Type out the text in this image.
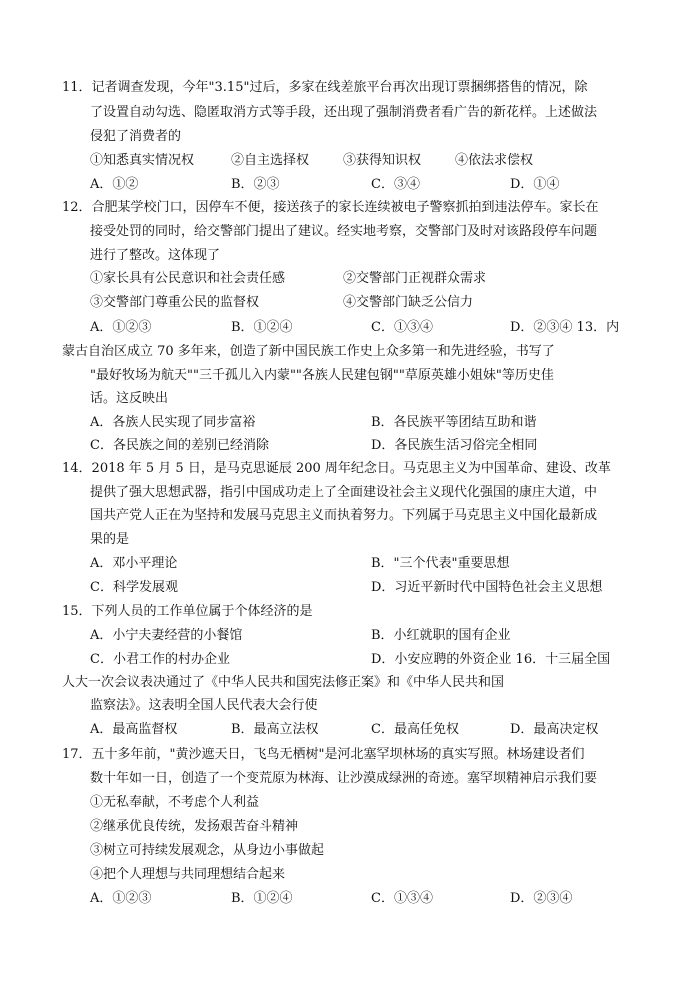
11．记者调查发现，今年"3.15"过后，多家在线差旅平台再次出现订票捆绑搭售的情况，除
了设置自动勾选、隐匿取消方式等手段，还出现了强制消费者看广告的新花样。上述做法
侵犯了消费者的
①知悉真实情况权	②自主选择权	③获得知识权	④依法求偿权
A．①②	B．②③	C．③④	D．①④
12．合肥某学校门口，因停车不便，接送孩子的家长连续被电子警察抓拍到违法停车。家长在
接受处罚的同时，给交警部门提出了建议。经实地考察，交警部门及时对该路段停车问题
进行了整改。这体现了
①家长具有公民意识和社会责任感	②交警部门正视群众需求
③交警部门尊重公民的监督权	④交警部门缺乏公信力
A．①②③	B．①②④	C．①③④	D．②③④ 13．内
蒙古自治区成立 70 多年来，创造了新中国民族工作史上众多第一和先进经验，书写了
"最好牧场为航天""三千孤儿入内蒙""各族人民建包钢""草原英雄小姐妹"等历史佳
话。这反映出
A．各族人民实现了同步富裕	B．各民族平等团结互助和谐
C．各民族之间的差别已经消除	D．各民族生活习俗完全相同
14．2018 年 5 月 5 日，是马克思诞辰 200 周年纪念日。马克思主义为中国革命、建设、改革
提供了强大思想武器，指引中国成功走上了全面建设社会主义现代化强国的康庄大道，中
国共产党人正在为坚持和发展马克思主义而执着努力。下列属于马克思主义中国化最新成
果的是
A．邓小平理论	B．"三个代表"重要思想
C．科学发展观	D．习近平新时代中国特色社会主义思想
15．下列人员的工作单位属于个体经济的是
A．小宁夫妻经营的小餐馆	B．小红就职的国有企业
C．小君工作的村办企业	D．小安应聘的外资企业 16．十三届全国
人大一次会议表决通过了《中华人民共和国宪法修正案》和《中华人民共和国
监察法》。这表明全国人民代表大会行使
A．最高监督权	B．最高立法权	C．最高任免权	D．最高决定权
17．五十多年前，"黄沙遮天日，飞鸟无栖树"是河北塞罕坝林场的真实写照。林场建设者们
数十年如一日，创造了一个变荒原为林海、让沙漠成绿洲的奇迹。塞罕坝精神启示我们要
①无私奉献，不考虑个人利益
②继承优良传统，发扬艰苦奋斗精神
③树立可持续发展观念，从身边小事做起
④把个人理想与共同理想结合起来
A．①②③	B．①②④	C．①③④	D．②③④
